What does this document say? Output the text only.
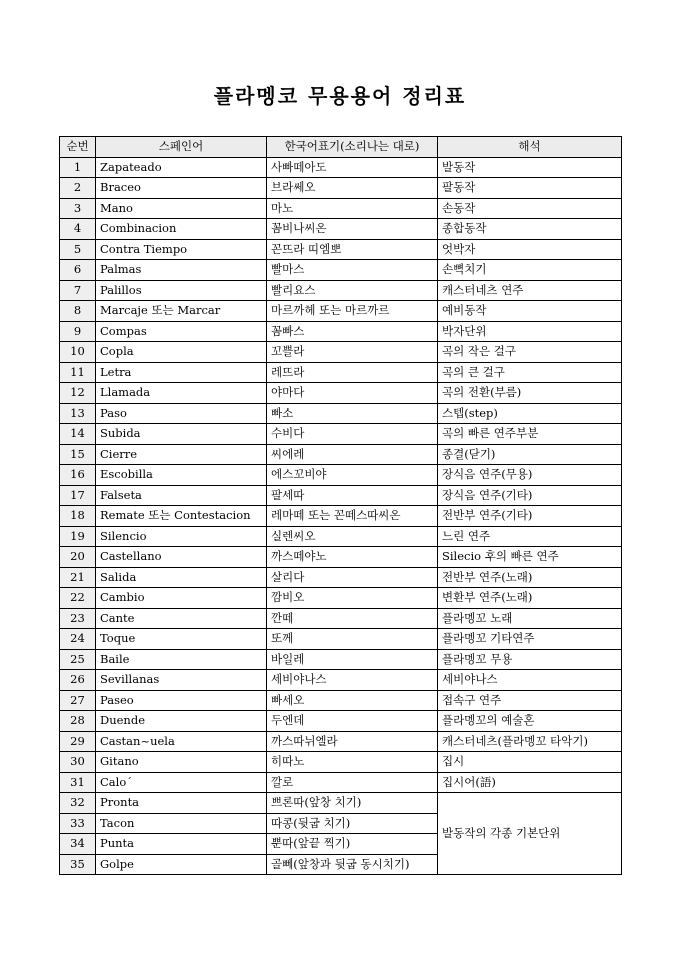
플라멩코 무용용어 정리표
순번	스페인어	한국어표기(소리나는 대로)	해석
1	Zapateado	사빠떼아도	발동작
2	Braceo	브라쎄오	팔동작
3	Mano	마노	손동작
4	Combinacion	꼼비나씨온	종합동작
5	Contra Tiempo	꼰뜨라 띠엠뽀	엇박자
6	Palmas	빨마스	손뼉치기
7	Palillos	빨리요스	캐스터네츠 연주
8	Marcaje 또는 Marcar	마르까헤 또는 마르까르	예비동작
9	Compas	꼼빠스	박자단위
10	Copla	꼬쁠라	곡의 작은 걸구
11	Letra	레뜨라	곡의 큰 걸구
12	Llamada	야마다	곡의 전환(부름)
13	Paso	빠소	스텝(step)
14	Subida	수비다	곡의 빠른 연주부분
15	Cierre	씨에레	종결(닫기)
16	Escobilla	에스꼬비야	장식음 연주(무용)
17	Falseta	팔세따	장식음 연주(기타)
18	Remate 또는 Contestacion	레마떼 또는 꼰떼스따씨온	전반부 연주(기타)
19	Silencio	실렌씨오	느린 연주
20	Castellano	까스떼야노	Silecio 후의 빠른 연주
21	Salida	살리다	전반부 연주(노래)
22	Cambio	깜비오	변환부 연주(노래)
23	Cante	깐떼	플라멩꼬 노래
24	Toque	또께	플라멩꼬 기타연주
25	Baile	바일레	플라멩꼬 무용
26	Sevillanas	세비야나스	세비야나스
27	Paseo	빠세오	접속구 연주
28	Duende	두엔데	플라멩꼬의 예술혼
29	Castan~uela	까스따뉘엘라	캐스터네츠(플라멩꼬 타악기)
30	Gitano	히따노	집시
31	Calo´	깔로	집시어(語)
32	Pronta	쁘론따(앞창 치기)	발동작의 각종 기본단위
33	Tacon	따콩(뒷굽 치기)	
34	Punta	뿐따(앞끝 찍기)	
35	Golpe	골뻬(앞창과 뒷굽 동시치기)	
